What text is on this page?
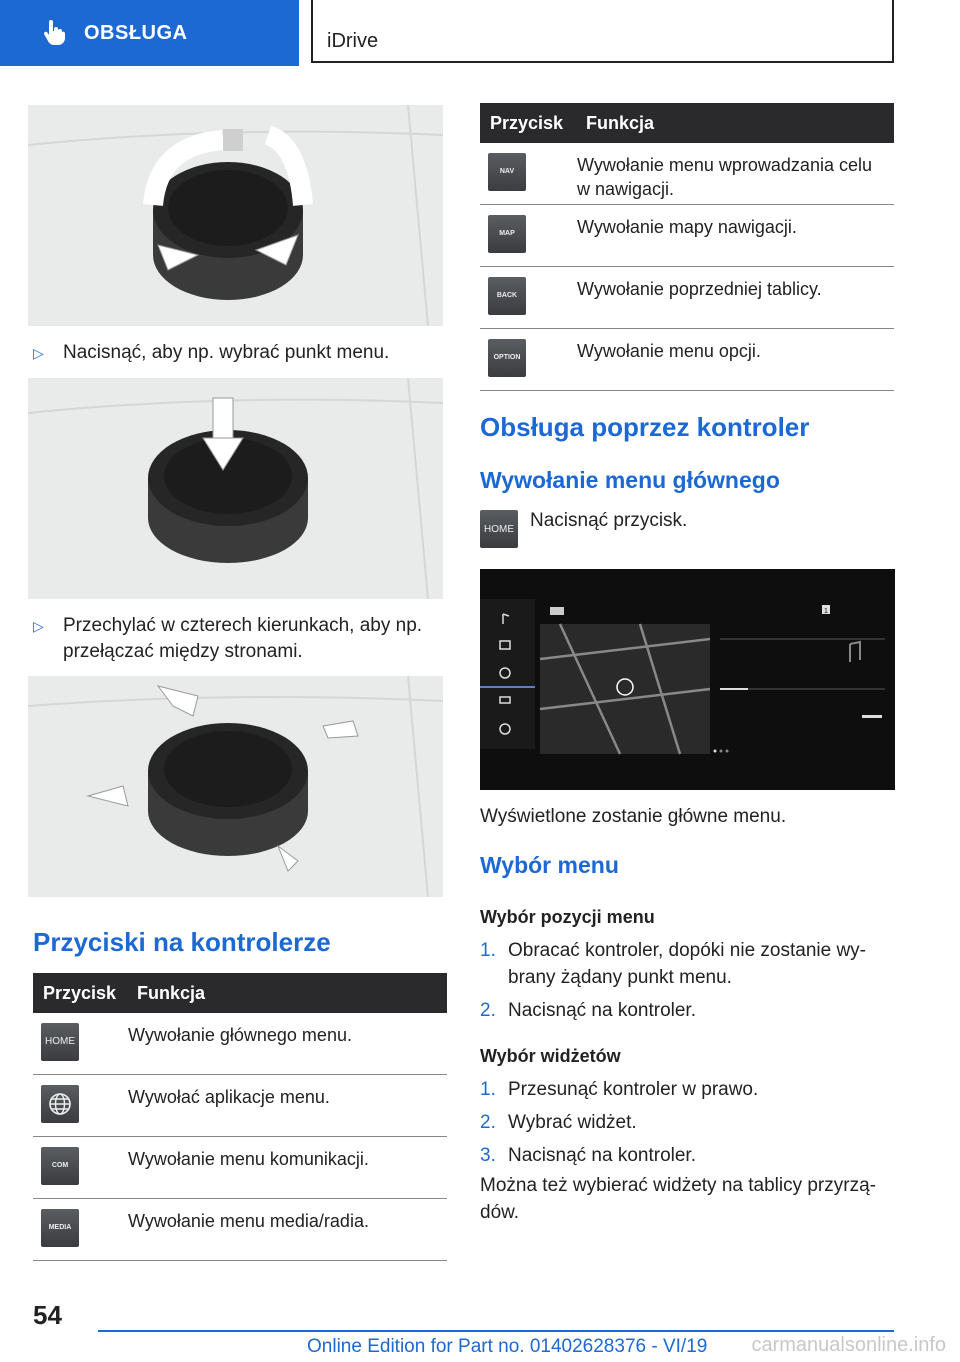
OBSŁUGA	iDrive
▷ Nacisnąć, aby np. wybrać punkt menu.
▷ Przechylać w czterech kierunkach, aby np. przełączać między stronami.
Przyciski na kontrolerze
Przycisk	Funkcja

HOME	Wywołanie głównego menu.

	Wywołać aplikacje menu.

COM	Wywołanie menu komunikacji.

MEDIA	Wywołanie menu media/radia.
Przycisk	Funkcja

NAV	Wywołanie menu wprowadzania celu w nawigacji.

MAP	Wywołanie mapy nawigacji.

BACK	Wywołanie poprzedniej tablicy.

OPTION	Wywołanie menu opcji.
Obsługa poprzez kontroler
Wywołanie menu głównego
HOME Nacisnąć przycisk.
1
Wyświetlone zostanie główne menu.
Wybór menu
Wybór pozycji menu
1. Obracać kontroler, dopóki nie zostanie wy- brany żądany punkt menu.
2. Nacisnąć na kontroler.
Wybór widżetów
1. Przesunąć kontroler w prawo.
2. Wybrać widżet.
3. Nacisnąć na kontroler.
Można też wybierać widżety na tablicy przyrzą- dów.
54
Online Edition for Part no. 01402628376 - VI/19 carmanualsonline.info
